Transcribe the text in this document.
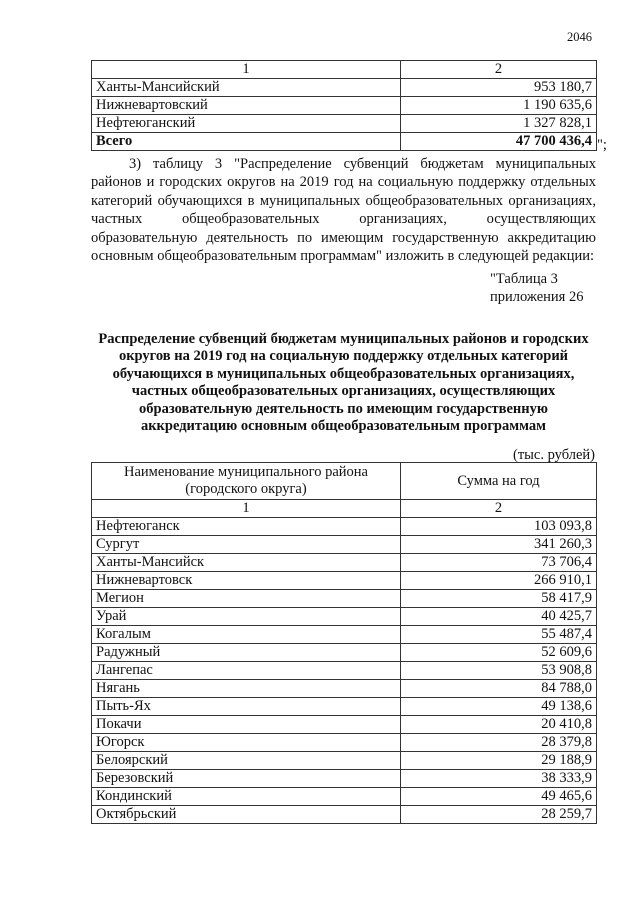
2046
1	2
Ханты-Мансийский	953 180,7
Нижневартовский	1 190 635,6
Нефтеюганский	1 327 828,1
Всего	47 700 436,4 ";

3) таблицу 3 "Распределение субвенций бюджетам муниципальных районов и городских округов на 2019 год на социальную поддержку отдельных категорий обучающихся в муниципальных общеобразовательных организациях, частных общеобразовательных организациях, осуществляющих образовательную деятельность по имеющим государственную аккредитацию основным общеобразовательным программам" изложить в следующей редакции:

"Таблица 3
приложения 26

Распределение субвенций бюджетам муниципальных районов и городских округов на 2019 год на социальную поддержку отдельных категорий обучающихся в муниципальных общеобразовательных организациях, частных общеобразовательных организациях, осуществляющих образовательную деятельность по имеющим государственную аккредитацию основным общеобразовательным программам

(тыс. рублей)
Наименование муниципального района (городского округа)	Сумма на год
1	2
Нефтеюганск	103 093,8
Сургут	341 260,3
Ханты-Мансийск	73 706,4
Нижневартовск	266 910,1
Мегион	58 417,9
Урай	40 425,7
Когалым	55 487,4
Радужный	52 609,6
Лангепас	53 908,8
Нягань	84 788,0
Пыть-Ях	49 138,6
Покачи	20 410,8
Югорск	28 379,8
Белоярский	29 188,9
Березовский	38 333,9
Кондинский	49 465,6
Октябрьский	28 259,7
